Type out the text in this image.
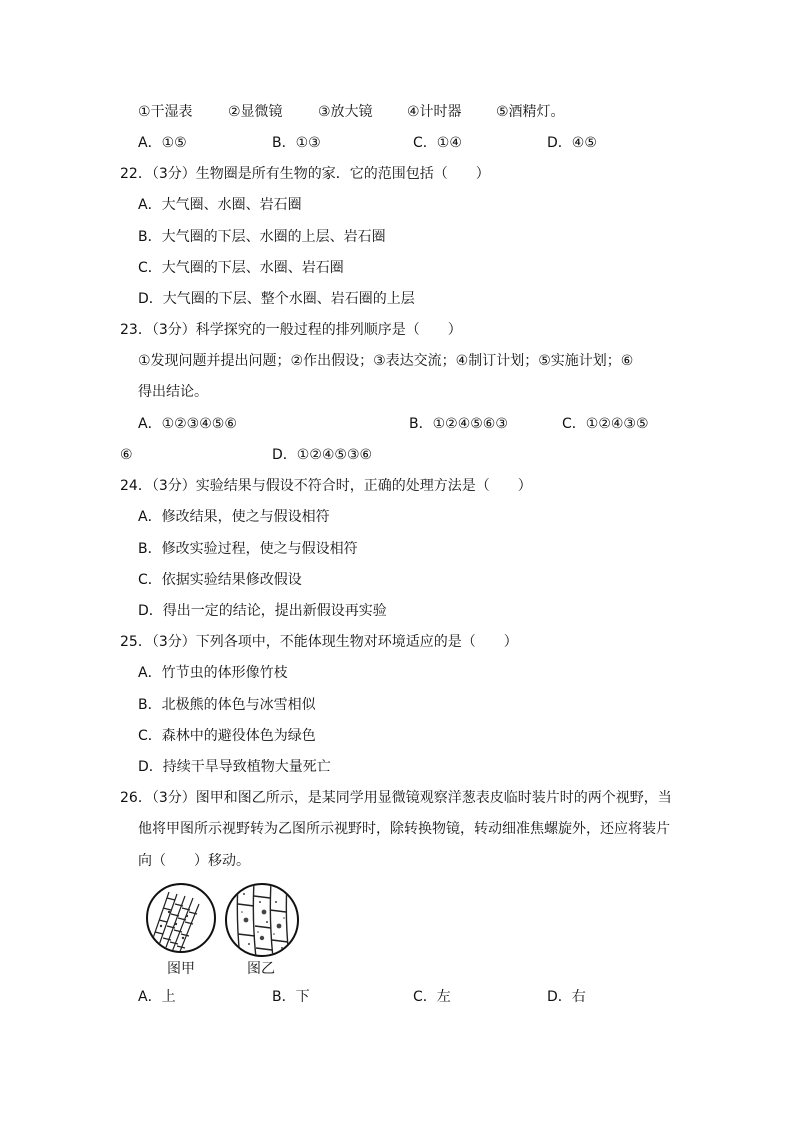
①干湿表	②显微镜	③放大镜 ④计时器 ⑤酒精灯。
A．①⑤	B．①③	C．①④	D．④⑤
22．（3分）生物圈是所有生物的家．它的范围包括（　　）
A．大气圈、水圈、岩石圈
B．大气圈的下层、水圈的上层、岩石圈
C．大气圈的下层、水圈、岩石圈
D．大气圈的下层、整个水圈、岩石圈的上层
23．（3分）科学探究的一般过程的排列顺序是（　　）
①发现问题并提出问题；②作出假设；③表达交流；④制订计划；⑤实施计划；⑥
得出结论。
A．①②③④⑤⑥	B．①②④⑤⑥③	C．①②④③⑤
⑥	D．①②④⑤③⑥
24．（3分）实验结果与假设不符合时，正确的处理方法是（　　）
A．修改结果，使之与假设相符
B．修改实验过程，使之与假设相符
C．依据实验结果修改假设
D．得出一定的结论，提出新假设再实验
25．（3分）下列各项中，不能体现生物对环境适应的是（　　）
A．竹节虫的体形像竹枝
B．北极熊的体色与冰雪相似
C．森林中的避役体色为绿色
D．持续干旱导致植物大量死亡
26．（3分）图甲和图乙所示，是某同学用显微镜观察洋葱表皮临时装片时的两个视野，当
他将甲图所示视野转为乙图所示视野时，除转换物镜，转动细准焦螺旋外，还应将装片
向（　　）移动。
图甲	图乙
A．上	B．下	C．左	D．右
